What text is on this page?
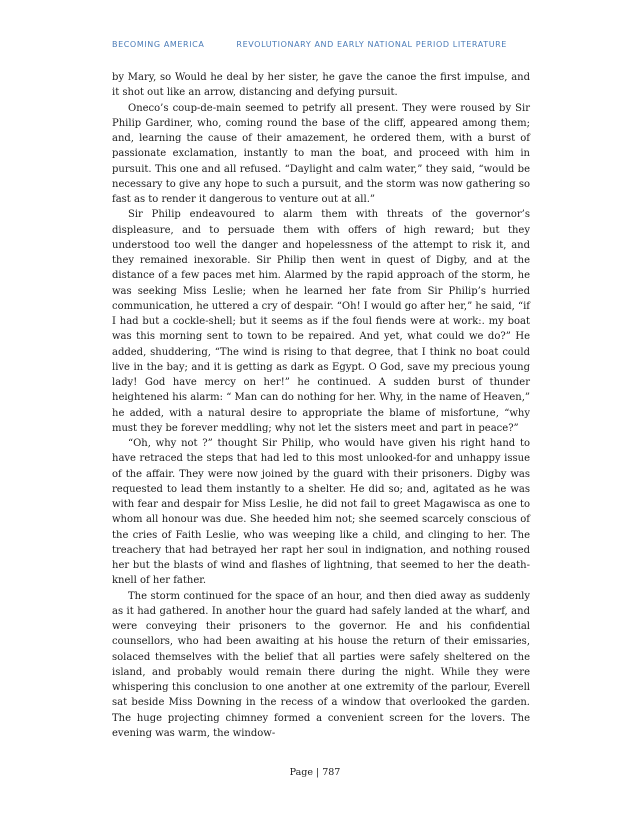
BECOMING AMERICA	REVOLUTIONARY AND EARLY NATIONAL PERIOD LITERATURE

by Mary, so Would he deal by her sister, he gave the canoe the first impulse, and it shot out like an arrow, distancing and defying pursuit.

Oneco’s coup-de-main seemed to petrify all present. They were roused by Sir Philip Gardiner, who, coming round the base of the cliff, appeared among them; and, learning the cause of their amazement, he ordered them, with a burst of passionate exclamation, instantly to man the boat, and proceed with him in pursuit. This one and all refused. “Daylight and calm water,” they said, “would be necessary to give any hope to such a pursuit, and the storm was now gathering so fast as to render it dangerous to venture out at all.”

Sir Philip endeavoured to alarm them with threats of the governor’s displeasure, and to persuade them with offers of high reward; but they understood too well the danger and hopelessness of the attempt to risk it, and they remained inexorable. Sir Philip then went in quest of Digby, and at the distance of a few paces met him. Alarmed by the rapid approach of the storm, he was seeking Miss Leslie; when he learned her fate from Sir Philip’s hurried communication, he uttered a cry of despair. “Oh! I would go after her,” he said, “if I had but a cockle-shell; but it seems as if the foul fiends were at work:. my boat was this morning sent to town to be repaired. And yet, what could we do?” He added, shuddering, “The wind is rising to that degree, that I think no boat could live in the bay; and it is getting as dark as Egypt. O God, save my precious young lady! God have mercy on her!” he continued. A sudden burst of thunder heightened his alarm: “ Man can do nothing for her. Why, in the name of Heaven,” he added, with a natural desire to appropriate the blame of misfortune, “why must they be forever meddling; why not let the sisters meet and part in peace?”

“Oh, why not ?” thought Sir Philip, who would have given his right hand to have retraced the steps that had led to this most unlooked-for and unhappy issue of the affair. They were now joined by the guard with their prisoners. Digby was requested to lead them instantly to a shelter. He did so; and, agitated as he was with fear and despair for Miss Leslie, he did not fail to greet Magawisca as one to whom all honour was due. She heeded him not; she seemed scarcely conscious of the cries of Faith Leslie, who was weeping like a child, and clinging to her. The treachery that had betrayed her rapt her soul in indignation, and nothing roused her but the blasts of wind and flashes of lightning, that seemed to her the death-knell of her father.

The storm continued for the space of an hour, and then died away as suddenly as it had gathered. In another hour the guard had safely landed at the wharf, and were conveying their prisoners to the governor. He and his confidential counsellors, who had been awaiting at his house the return of their emissaries, solaced themselves with the belief that all parties were safely sheltered on the island, and probably would remain there during the night. While they were whispering this conclusion to one another at one extremity of the parlour, Everell sat beside Miss Downing in the recess of a window that overlooked the garden. The huge projecting chimney formed a convenient screen for the lovers. The evening was warm, the window-

Page | 787
